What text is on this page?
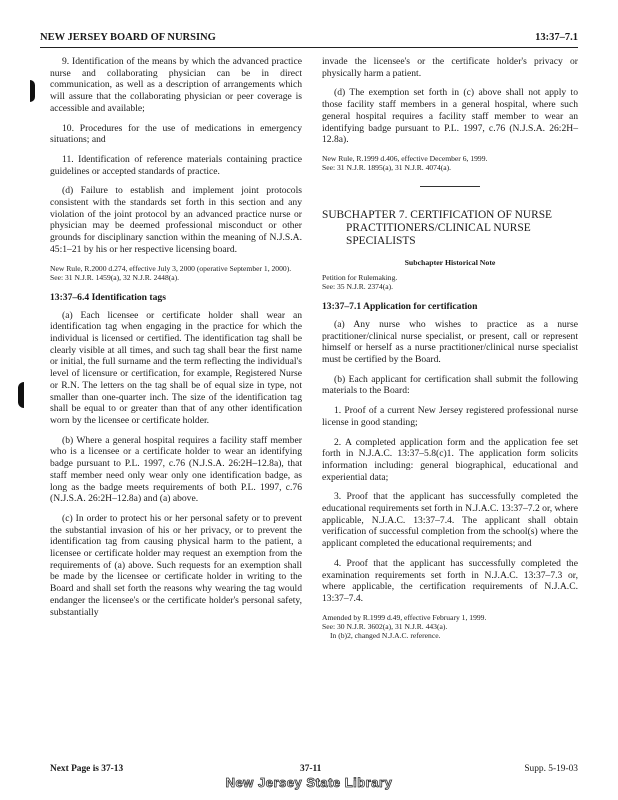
NEW JERSEY BOARD OF NURSING	13:37–7.1

9. Identification of the means by which the advanced practice nurse and collaborating physician can be in direct communication, as well as a description of arrangements which will assure that the collaborating physician or peer coverage is accessible and available;

10. Procedures for the use of medications in emergency situations; and

11. Identification of reference materials containing practice guidelines or accepted standards of practice.

(d) Failure to establish and implement joint protocols consistent with the standards set forth in this section and any violation of the joint protocol by an advanced practice nurse or physician may be deemed professional misconduct or other grounds for disciplinary sanction within the meaning of N.J.S.A. 45:1–21 by his or her respective licensing board.

New Rule, R.2000 d.274, effective July 3, 2000 (operative September 1, 2000).
See: 31 N.J.R. 1459(a), 32 N.J.R. 2448(a).
13:37–6.4 Identification tags

(a) Each licensee or certificate holder shall wear an identification tag when engaging in the practice for which the individual is licensed or certified. The identification tag shall be clearly visible at all times, and such tag shall bear the first name or initial, the full surname and the term reflecting the individual's level of licensure or certification, for example, Registered Nurse or R.N. The letters on the tag shall be of equal size in type, not smaller than one-quarter inch. The size of the identification tag shall be equal to or greater than that of any other identification worn by the licensee or certificate holder.

(b) Where a general hospital requires a facility staff member who is a licensee or a certificate holder to wear an identifying badge pursuant to P.L. 1997, c.76 (N.J.S.A. 26:2H–12.8a), that staff member need only wear only one identification badge, as long as the badge meets requirements of both P.L. 1997, c.76 (N.J.S.A. 26:2H–12.8a) and (a) above.

(c) In order to protect his or her personal safety or to prevent the substantial invasion of his or her privacy, or to prevent the identification tag from causing physical harm to the patient, a licensee or certificate holder may request an exemption from the requirements of (a) above. Such requests for an exemption shall be made by the licensee or certificate holder in writing to the Board and shall set forth the reasons why wearing the tag would endanger the licensee's or the certificate holder's personal safety, substantially

invade the licensee's or the certificate holder's privacy or physically harm a patient.

(d) The exemption set forth in (c) above shall not apply to those facility staff members in a general hospital, where such general hospital requires a facility staff member to wear an identifying badge pursuant to P.L. 1997, c.76 (N.J.S.A. 26:2H–12.8a).

New Rule, R.1999 d.406, effective December 6, 1999.
See: 31 N.J.R. 1895(a), 31 N.J.R. 4074(a).
SUBCHAPTER 7. CERTIFICATION OF NURSE PRACTITIONERS/CLINICAL NURSE SPECIALISTS
Subchapter Historical Note
Petition for Rulemaking.
See: 35 N.J.R. 2374(a).
13:37–7.1 Application for certification

(a) Any nurse who wishes to practice as a nurse practitioner/clinical nurse specialist, or present, call or represent himself or herself as a nurse practitioner/clinical nurse specialist must be certified by the Board.

(b) Each applicant for certification shall submit the following materials to the Board:

1. Proof of a current New Jersey registered professional nurse license in good standing;

2. A completed application form and the application fee set forth in N.J.A.C. 13:37–5.8(c)1. The application form solicits information including: general biographical, educational and experiential data;

3. Proof that the applicant has successfully completed the educational requirements set forth in N.J.A.C. 13:37–7.2 or, where applicable, N.J.A.C. 13:37–7.4. The applicant shall obtain verification of successful completion from the school(s) where the applicant completed the educational requirements; and

4. Proof that the applicant has successfully completed the examination requirements set forth in N.J.A.C. 13:37–7.3 or, where applicable, the certification requirements of N.J.A.C. 13:37–7.4.

Amended by R.1999 d.49, effective February 1, 1999.
See: 30 N.J.R. 3602(a), 31 N.J.R. 443(a).
In (b)2, changed N.J.A.C. reference.
Next Page is 37-13	37-11	Supp. 5-19-03
New Jersey State Library
